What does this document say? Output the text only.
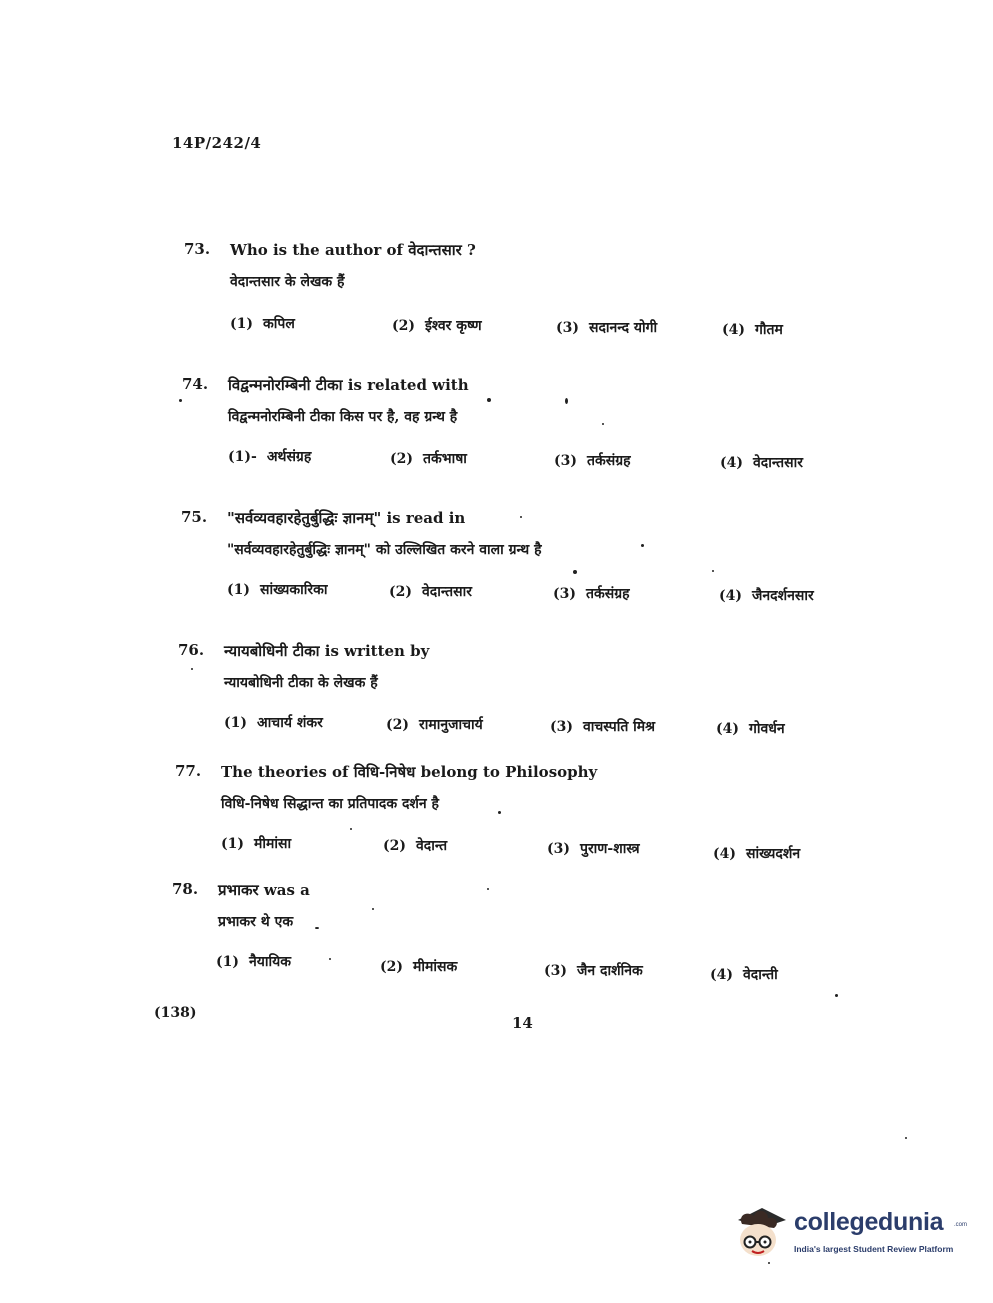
14P/242/4
73. Who is the author of वेदान्तसार ?
वेदान्तसार के लेखक हैं
(1) कपिल	(2) ईश्वर कृष्ण	(3) सदानन्द योगी	(4) गौतम
74. विद्वन्मनोरम्बिनी टीका is related with
विद्वन्मनोरम्बिनी टीका किस पर है, वह ग्रन्थ है
(1)- अर्थसंग्रह	(2) तर्कभाषा	(3) तर्कसंग्रह	(4) वेदान्तसार
75. "सर्वव्यवहारहेतुर्बुद्धिः ज्ञानम्" is read in
"सर्वव्यवहारहेतुर्बुद्धिः ज्ञानम्" को उल्लिखित करने वाला ग्रन्थ है
(1) सांख्यकारिका	(2) वेदान्तसार	(3) तर्कसंग्रह	(4) जैनदर्शनसार
76. न्यायबोधिनी टीका is written by
न्यायबोधिनी टीका के लेखक हैं
(1) आचार्य शंकर	(2) रामानुजाचार्य	(3) वाचस्पति मिश्र	(4) गोवर्धन
77. The theories of विधि-निषेध belong to Philosophy
विधि-निषेध सिद्धान्त का प्रतिपादक दर्शन है
(1) मीमांसा	(2) वेदान्त	(3) पुराण-शास्त्र	(4) सांख्यदर्शन
78. प्रभाकर was a
प्रभाकर थे एक
(1) नैयायिक	(2) मीमांसक	(3) जैन दार्शनिक	(4) वेदान्ती
(138)
14
collegedunia .com
India's largest Student Review Platform
